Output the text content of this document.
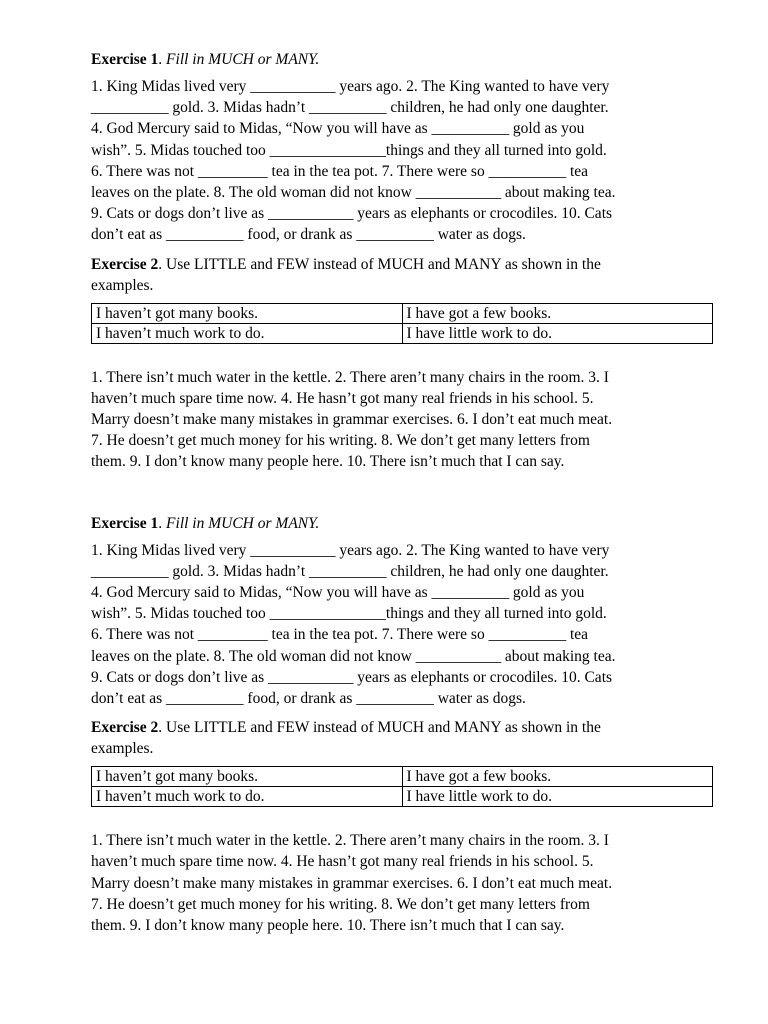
Exercise 1. Fill in MUCH or MANY.

1. King Midas lived very ___________ years ago. 2. The King wanted to have very
__________ gold. 3. Midas hadn’t __________ children, he had only one daughter.
4. God Mercury said to Midas, “Now you will have as __________ gold as you
wish”. 5. Midas touched too _______________things and they all turned into gold.
6. There was not _________ tea in the tea pot. 7. There were so __________ tea
leaves on the plate. 8. The old woman did not know ___________ about making tea.
9. Cats or dogs don’t live as ___________ years as elephants or crocodiles. 10. Cats
don’t eat as __________ food, or drank as __________ water as dogs.

Exercise 2. Use LITTLE and FEW instead of MUCH and MANY as shown in the
examples.
I haven’t got many books.	I have got a few books.
I haven’t much work to do.	I have little work to do.

1. There isn’t much water in the kettle. 2. There aren’t many chairs in the room. 3. I
haven’t much spare time now. 4. He hasn’t got many real friends in his school. 5.
Marry doesn’t make many mistakes in grammar exercises. 6. I don’t eat much meat.
7. He doesn’t get much money for his writing. 8. We don’t get many letters from
them. 9. I don’t know many people here. 10. There isn’t much that I can say.

Exercise 1. Fill in MUCH or MANY.

1. King Midas lived very ___________ years ago. 2. The King wanted to have very
__________ gold. 3. Midas hadn’t __________ children, he had only one daughter.
4. God Mercury said to Midas, “Now you will have as __________ gold as you
wish”. 5. Midas touched too _______________things and they all turned into gold.
6. There was not _________ tea in the tea pot. 7. There were so __________ tea
leaves on the plate. 8. The old woman did not know ___________ about making tea.
9. Cats or dogs don’t live as ___________ years as elephants or crocodiles. 10. Cats
don’t eat as __________ food, or drank as __________ water as dogs.

Exercise 2. Use LITTLE and FEW instead of MUCH and MANY as shown in the
examples.
I haven’t got many books.	I have got a few books.
I haven’t much work to do.	I have little work to do.

1. There isn’t much water in the kettle. 2. There aren’t many chairs in the room. 3. I
haven’t much spare time now. 4. He hasn’t got many real friends in his school. 5.
Marry doesn’t make many mistakes in grammar exercises. 6. I don’t eat much meat.
7. He doesn’t get much money for his writing. 8. We don’t get many letters from
them. 9. I don’t know many people here. 10. There isn’t much that I can say.
